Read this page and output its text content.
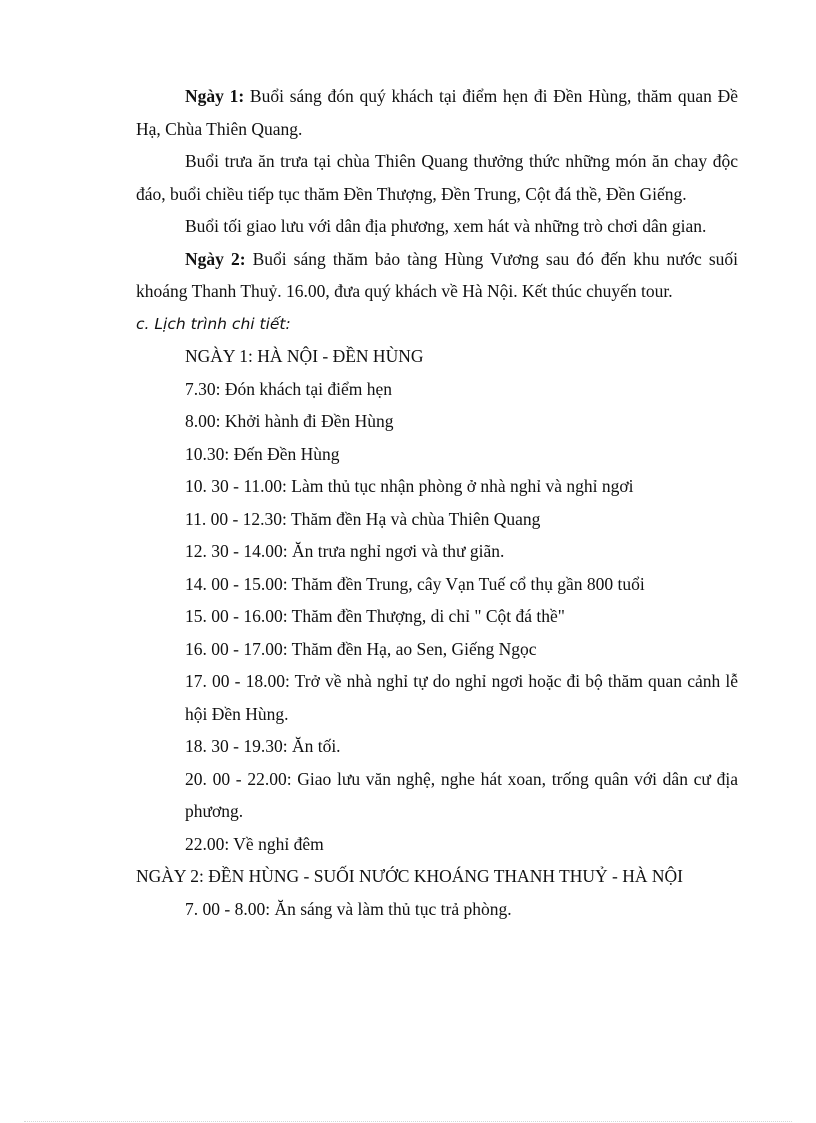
Ngày 1: Buổi sáng đón quý khách tại điểm hẹn đi Đền Hùng, thăm quan Đề Hạ, Chùa Thiên Quang.

Buổi trưa ăn trưa tại chùa Thiên Quang thưởng thức những món ăn chay độc đáo, buổi chiều tiếp tục thăm Đền Thượng, Đền Trung, Cột đá thề, Đền Giếng.

Buổi tối giao lưu với dân địa phương, xem hát và những trò chơi dân gian.

Ngày 2: Buổi sáng thăm bảo tàng Hùng Vương sau đó đến khu nước suối khoáng Thanh Thuỷ. 16.00, đưa quý khách về Hà Nội. Kết thúc chuyến tour.

c. Lịch trình chi tiết:

NGÀY 1: HÀ NỘI - ĐỀN HÙNG

7.30: Đón khách tại điểm hẹn

8.00: Khởi hành đi Đền Hùng

10.30: Đến Đền Hùng

10. 30 - 11.00: Làm thủ tục nhận phòng ở nhà nghỉ và nghỉ ngơi

11. 00 - 12.30: Thăm đền Hạ và chùa Thiên Quang

12. 30 - 14.00: Ăn trưa nghỉ ngơi và thư giãn.

14. 00 - 15.00: Thăm đền Trung, cây Vạn Tuế cổ thụ gần 800 tuổi

15. 00 - 16.00: Thăm đền Thượng, di chỉ " Cột đá thề"

16. 00 - 17.00: Thăm đền Hạ, ao Sen, Giếng Ngọc

17. 00 - 18.00: Trở về nhà nghỉ tự do nghỉ ngơi hoặc đi bộ thăm quan cảnh lễ hội Đền Hùng.

18. 30 - 19.30: Ăn tối.

20. 00 - 22.00: Giao lưu văn nghệ, nghe hát xoan, trống quân với dân cư địa phương.

22.00: Về nghỉ đêm

NGÀY 2: ĐỀN HÙNG - SUỐI NƯỚC KHOÁNG THANH THUỶ - HÀ NỘI

7. 00 - 8.00: Ăn sáng và làm thủ tục trả phòng.
